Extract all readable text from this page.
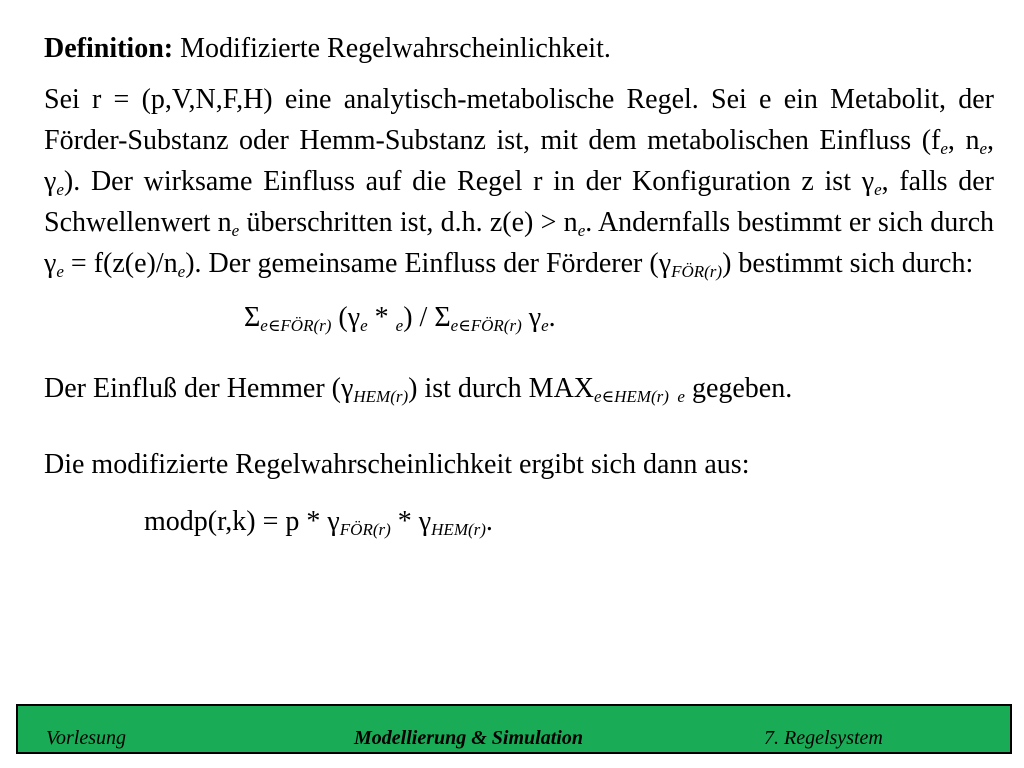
Definition: Modifizierte Regelwahrscheinlichkeit.

Sei r = (p,V,N,F,H) eine analytisch-metabolische Regel. Sei e ein Metabolit, der Förder-Substanz oder Hemm-Substanz ist, mit dem metabolischen Einfluss ($f_e$, $n_e$, $\gamma_e$). Der wirksame Einfluss auf die Regel r in der Konfiguration z ist $\gamma_e$, falls der Schwellenwert $n_e$ überschritten ist, d.h. $z(e) > n_e$. Andernfalls bestimmt er sich durch $\gamma_e = f(z(e)/n_e)$. Der gemeinsame Einfluss der Förderer $(\gamma_{FÖR(r)})$ bestimmt sich durch:

$\Sigma_{e\in FÖR(r)}$ $(\gamma_e * _e) / \Sigma_{e\in FÖR(r)}$ $\gamma_e$.

Der Einfluß der Hemmer $(\gamma_{HEM(r)})$ ist durch $MAX_{e\in HEM(r) e}$ gegeben.

Die modifizierte Regelwahrscheinlichkeit ergibt sich dann aus:

modp(r,k) = p * $\gamma_{FÖR(r)} * \gamma_{HEM(r)}$.

Vorlesung	Modellierung & Simulation	7. Regelsystem
